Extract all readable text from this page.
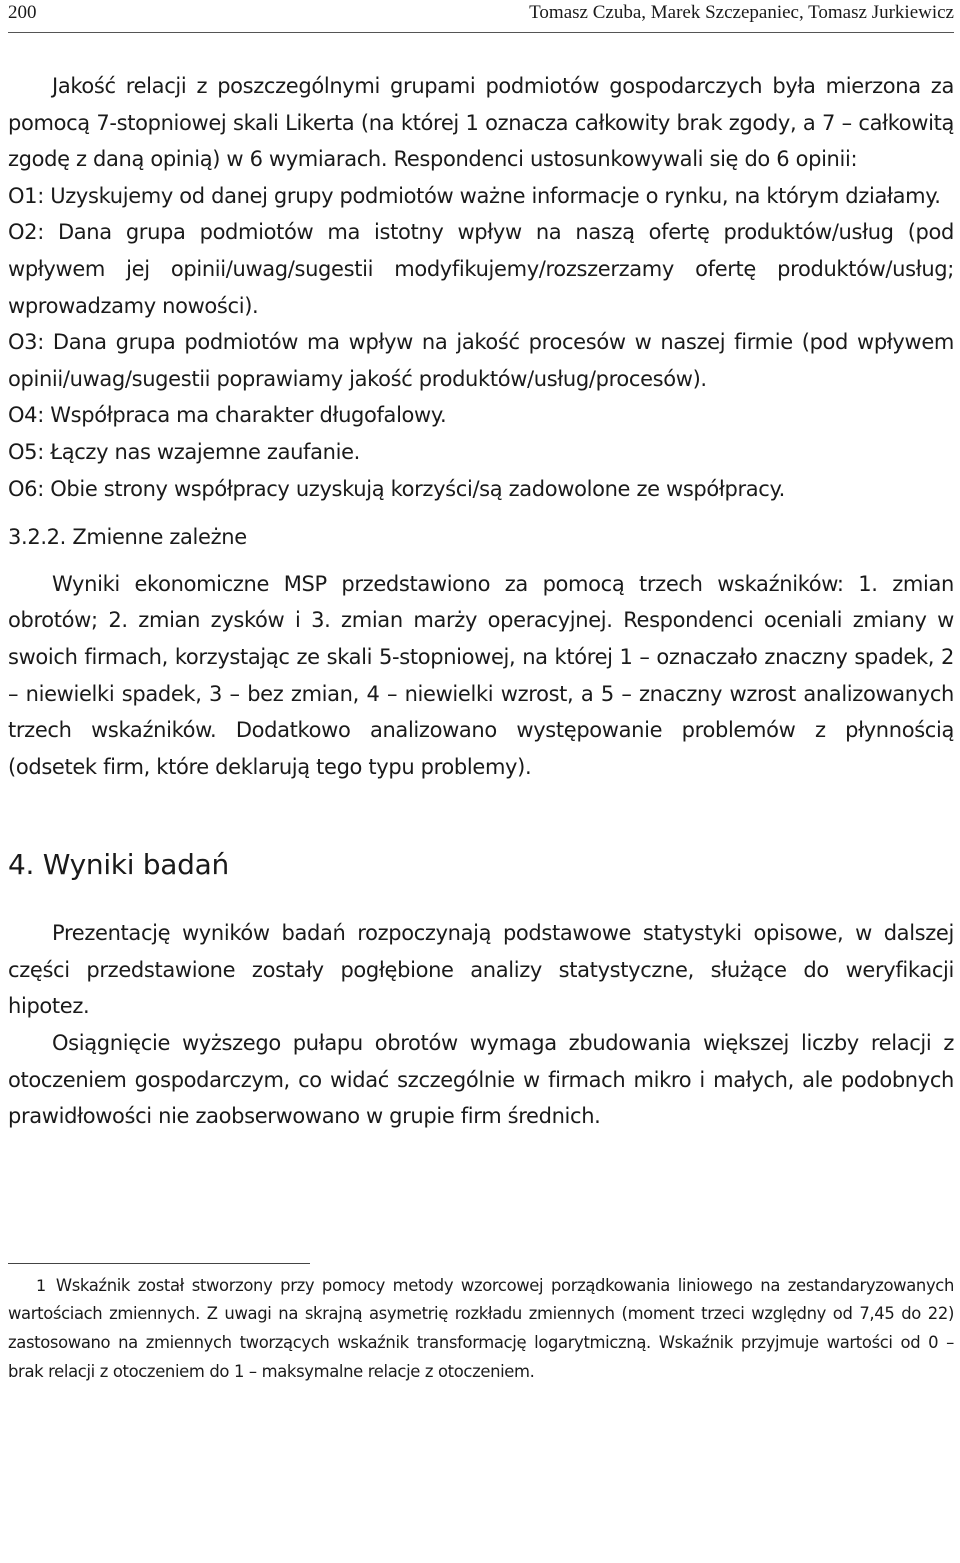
200	Tomasz Czuba, Marek Szczepaniec, Tomasz Jurkiewicz

Jakość relacji z poszczególnymi grupami podmiotów gospodarczych była mierzona za pomocą 7-stopniowej skali Likerta (na której 1 oznacza całkowity brak zgody, a 7 – całkowitą zgodę z daną opinią) w 6 wymiarach. Respondenci ustosunkowywali się do 6 opinii:

O1: Uzyskujemy od danej grupy podmiotów ważne informacje o rynku, na którym działamy.

O2: Dana grupa podmiotów ma istotny wpływ na naszą ofertę produktów/usług (pod wpływem jej opinii/uwag/sugestii modyfikujemy/rozszerzamy ofertę produktów/usług; wprowadzamy nowości).

O3: Dana grupa podmiotów ma wpływ na jakość procesów w naszej firmie (pod wpływem opinii/uwag/sugestii poprawiamy jakość produktów/usług/procesów).

O4: Współpraca ma charakter długofalowy.

O5: Łączy nas wzajemne zaufanie.

O6: Obie strony współpracy uzyskują korzyści/są zadowolone ze współpracy.

3.2.2. Zmienne zależne

Wyniki ekonomiczne MSP przedstawiono za pomocą trzech wskaźników: 1. zmian obrotów; 2. zmian zysków i 3. zmian marży operacyjnej. Respondenci oceniali zmiany w swoich firmach, korzystając ze skali 5-stopniowej, na której 1 – oznaczało znaczny spadek, 2 – niewielki spadek, 3 – bez zmian, 4 – niewielki wzrost, a 5 – znaczny wzrost analizowanych trzech wskaźników. Dodatkowo analizowano występowanie problemów z płynnością (odsetek firm, które deklarują tego typu problemy).

4. Wyniki badań

Prezentację wyników badań rozpoczynają podstawowe statystyki opisowe, w dalszej części przedstawione zostały pogłębione analizy statystyczne, służące do weryfikacji hipotez.

Osiągnięcie wyższego pułapu obrotów wymaga zbudowania większej liczby relacji z otoczeniem gospodarczym, co widać szczególnie w firmach mikro i małych, ale podobnych prawidłowości nie zaobserwowano w grupie firm średnich.

1 Wskaźnik został stworzony przy pomocy metody wzorcowej porządkowania liniowego na zestandaryzowanych wartościach zmiennych. Z uwagi na skrajną asymetrię rozkładu zmiennych (moment trzeci względny od 7,45 do 22) zastosowano na zmiennych tworzących wskaźnik transformację logarytmiczną. Wskaźnik przyjmuje wartości od 0 – brak relacji z otoczeniem do 1 – maksymalne relacje z otoczeniem.
